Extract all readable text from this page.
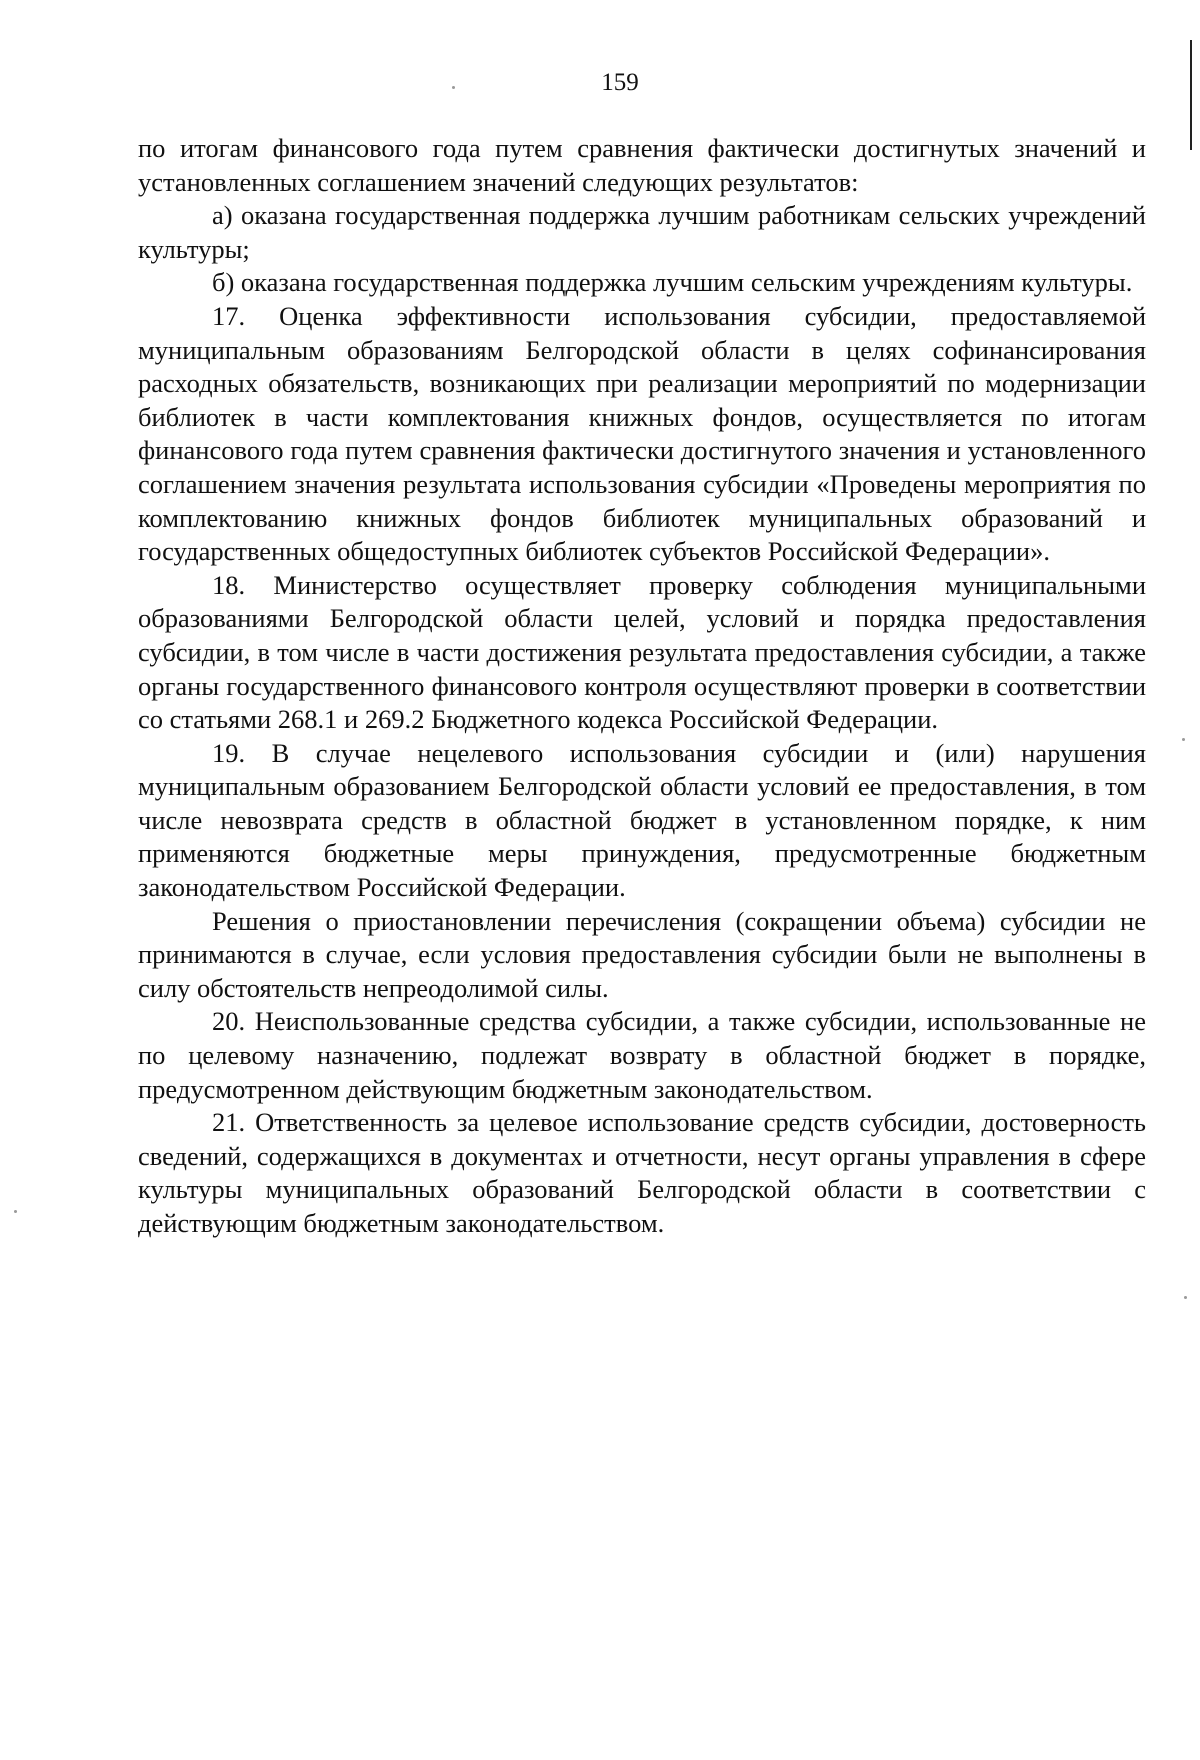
159

по итогам финансового года путем сравнения фактически достигнутых значений и установленных соглашением значений следующих результатов:

а) оказана государственная поддержка лучшим работникам сельских учреждений культуры;

б) оказана государственная поддержка лучшим сельским учреждениям культуры.

17. Оценка эффективности использования субсидии, предоставляемой муниципальным образованиям Белгородской области в целях софинансирования расходных обязательств, возникающих при реализации мероприятий по модернизации библиотек в части комплектования книжных фондов, осуществляется по итогам финансового года путем сравнения фактически достигнутого значения и установленного соглашением значения результата использования субсидии «Проведены мероприятия по комплектованию книжных фондов библиотек муниципальных образований и государственных общедоступных библиотек субъектов Российской Федерации».

18. Министерство осуществляет проверку соблюдения муниципальными образованиями Белгородской области целей, условий и порядка предоставления субсидии, в том числе в части достижения результата предоставления субсидии, а также органы государственного финансового контроля осуществляют проверки в соответствии со статьями 268.1 и 269.2 Бюджетного кодекса Российской Федерации.

19. В случае нецелевого использования субсидии и (или) нарушения муниципальным образованием Белгородской области условий ее предоставления, в том числе невозврата средств в областной бюджет в установленном порядке, к ним применяются бюджетные меры принуждения, предусмотренные бюджетным законодательством Российской Федерации.

Решения о приостановлении перечисления (сокращении объема) субсидии не принимаются в случае, если условия предоставления субсидии были не выполнены в силу обстоятельств непреодолимой силы.

20. Неиспользованные средства субсидии, а также субсидии, использованные не по целевому назначению, подлежат возврату в областной бюджет в порядке, предусмотренном действующим бюджетным законодательством.

21. Ответственность за целевое использование средств субсидии, достоверность сведений, содержащихся в документах и отчетности, несут органы управления в сфере культуры муниципальных образований Белгородской области в соответствии с действующим бюджетным законодательством.
